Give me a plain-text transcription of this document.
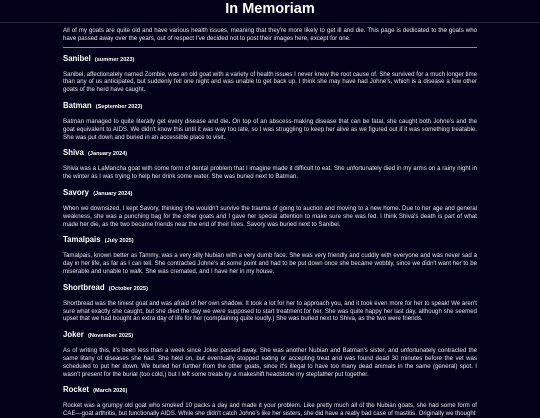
In Memoriam

All of my goats are quite old and have various health issues, meaning that they're more likely to get ill and die. This page is dedicated to the goats who have passed away over the years, out of respect I've decided not to post their images here, except for one.

Sanibel (summer 2023)

Sanibel, affectionately named Zombie, was an old goat with a variety of health issues I never knew the root cause of. She survived for a much longer time than any of us anticipated, but suddenly fell one night and was unable to get back up. I think she may have had Johne's, which is a disease a few other goats of the herd have caught.

Batman (September 2023)

Batman managed to quite literally get every disease and die. On top of an abscess-making disease that can be fatal, she caught both Johne's and the goat equivalent to AIDS. We didn't know this until it was way too late, so I was struggling to keep her alive as we figured out if it was something treatable. She was put down and buried in an accessible place to visit.

Shiva (January 2024)

Shiva was a LaMancha goat with some form of dental problem that I imagine made it difficult to eat. She unfortunately died in my arms on a rainy night in the winter as I was trying to help her drink some water. She was buried next to Batman.

Savory (January 2024)

When we downsized, I kept Savory, thinking she wouldn't survive the trauma of going to auction and moving to a new home. Due to her age and general weakness, she was a punching bag for the other goats and I gave her special attention to make sure she was fed. I think Shiva's death is part of what made her die, as the two became friends near the end of their lives. Savory was buried next to Sanibel.

Tamalpais (July 2025)

Tamalpais, known better as Tammy, was a very silly Nubian with a very dumb face. She was very friendly and cuddly with everyone and was never sad a day in her life, as far as I can tell. She contracted Johne's at some point and had to be put down once she became wobbly, since we didn't want her to be miserable and unable to walk. She was cremated, and I have her in my house.

Shortbread (October 2025)

Shortbread was the tiniest goat and was afraid of her own shadow. It took a lot for her to approach you, and it took even more for her to speak! We aren't sure what exactly she caught, but she died the day we were supposed to start treatment for her. She was quite happy her last day, although she seemed upset that we had bought an extra day of life for her (complaining quite loudly.) She was buried next to Shiva, as the two were friends.

Joker (November 2025)

As of writing this, it's been less than a week since Joker passed away. She was another Nubian and Batman's sister, and unfortunately contracted the same litany of diseases she had. She held on, but eventually stopped eating or accepting treat and was found dead 30 minutes before the vet was scheduled to put her down. We buried her further from the other goats, since it's illegal to have too many dead animals in the same (general) spot. I wasn't present for the burial (too cold,) but I left some treats by a makeshift headstone my stepfather put together.

Rocket (March 2026)

Rocket was a grumpy old goat who smoked 10 packs a day and made it your problem. Like pretty much all of the Nubian goats, she had some form of CAE—goat arthritis, but functionally AIDS. While she didn't catch Johne's like her sisters, she did have a really bad case of mastitis. Originally we thought
